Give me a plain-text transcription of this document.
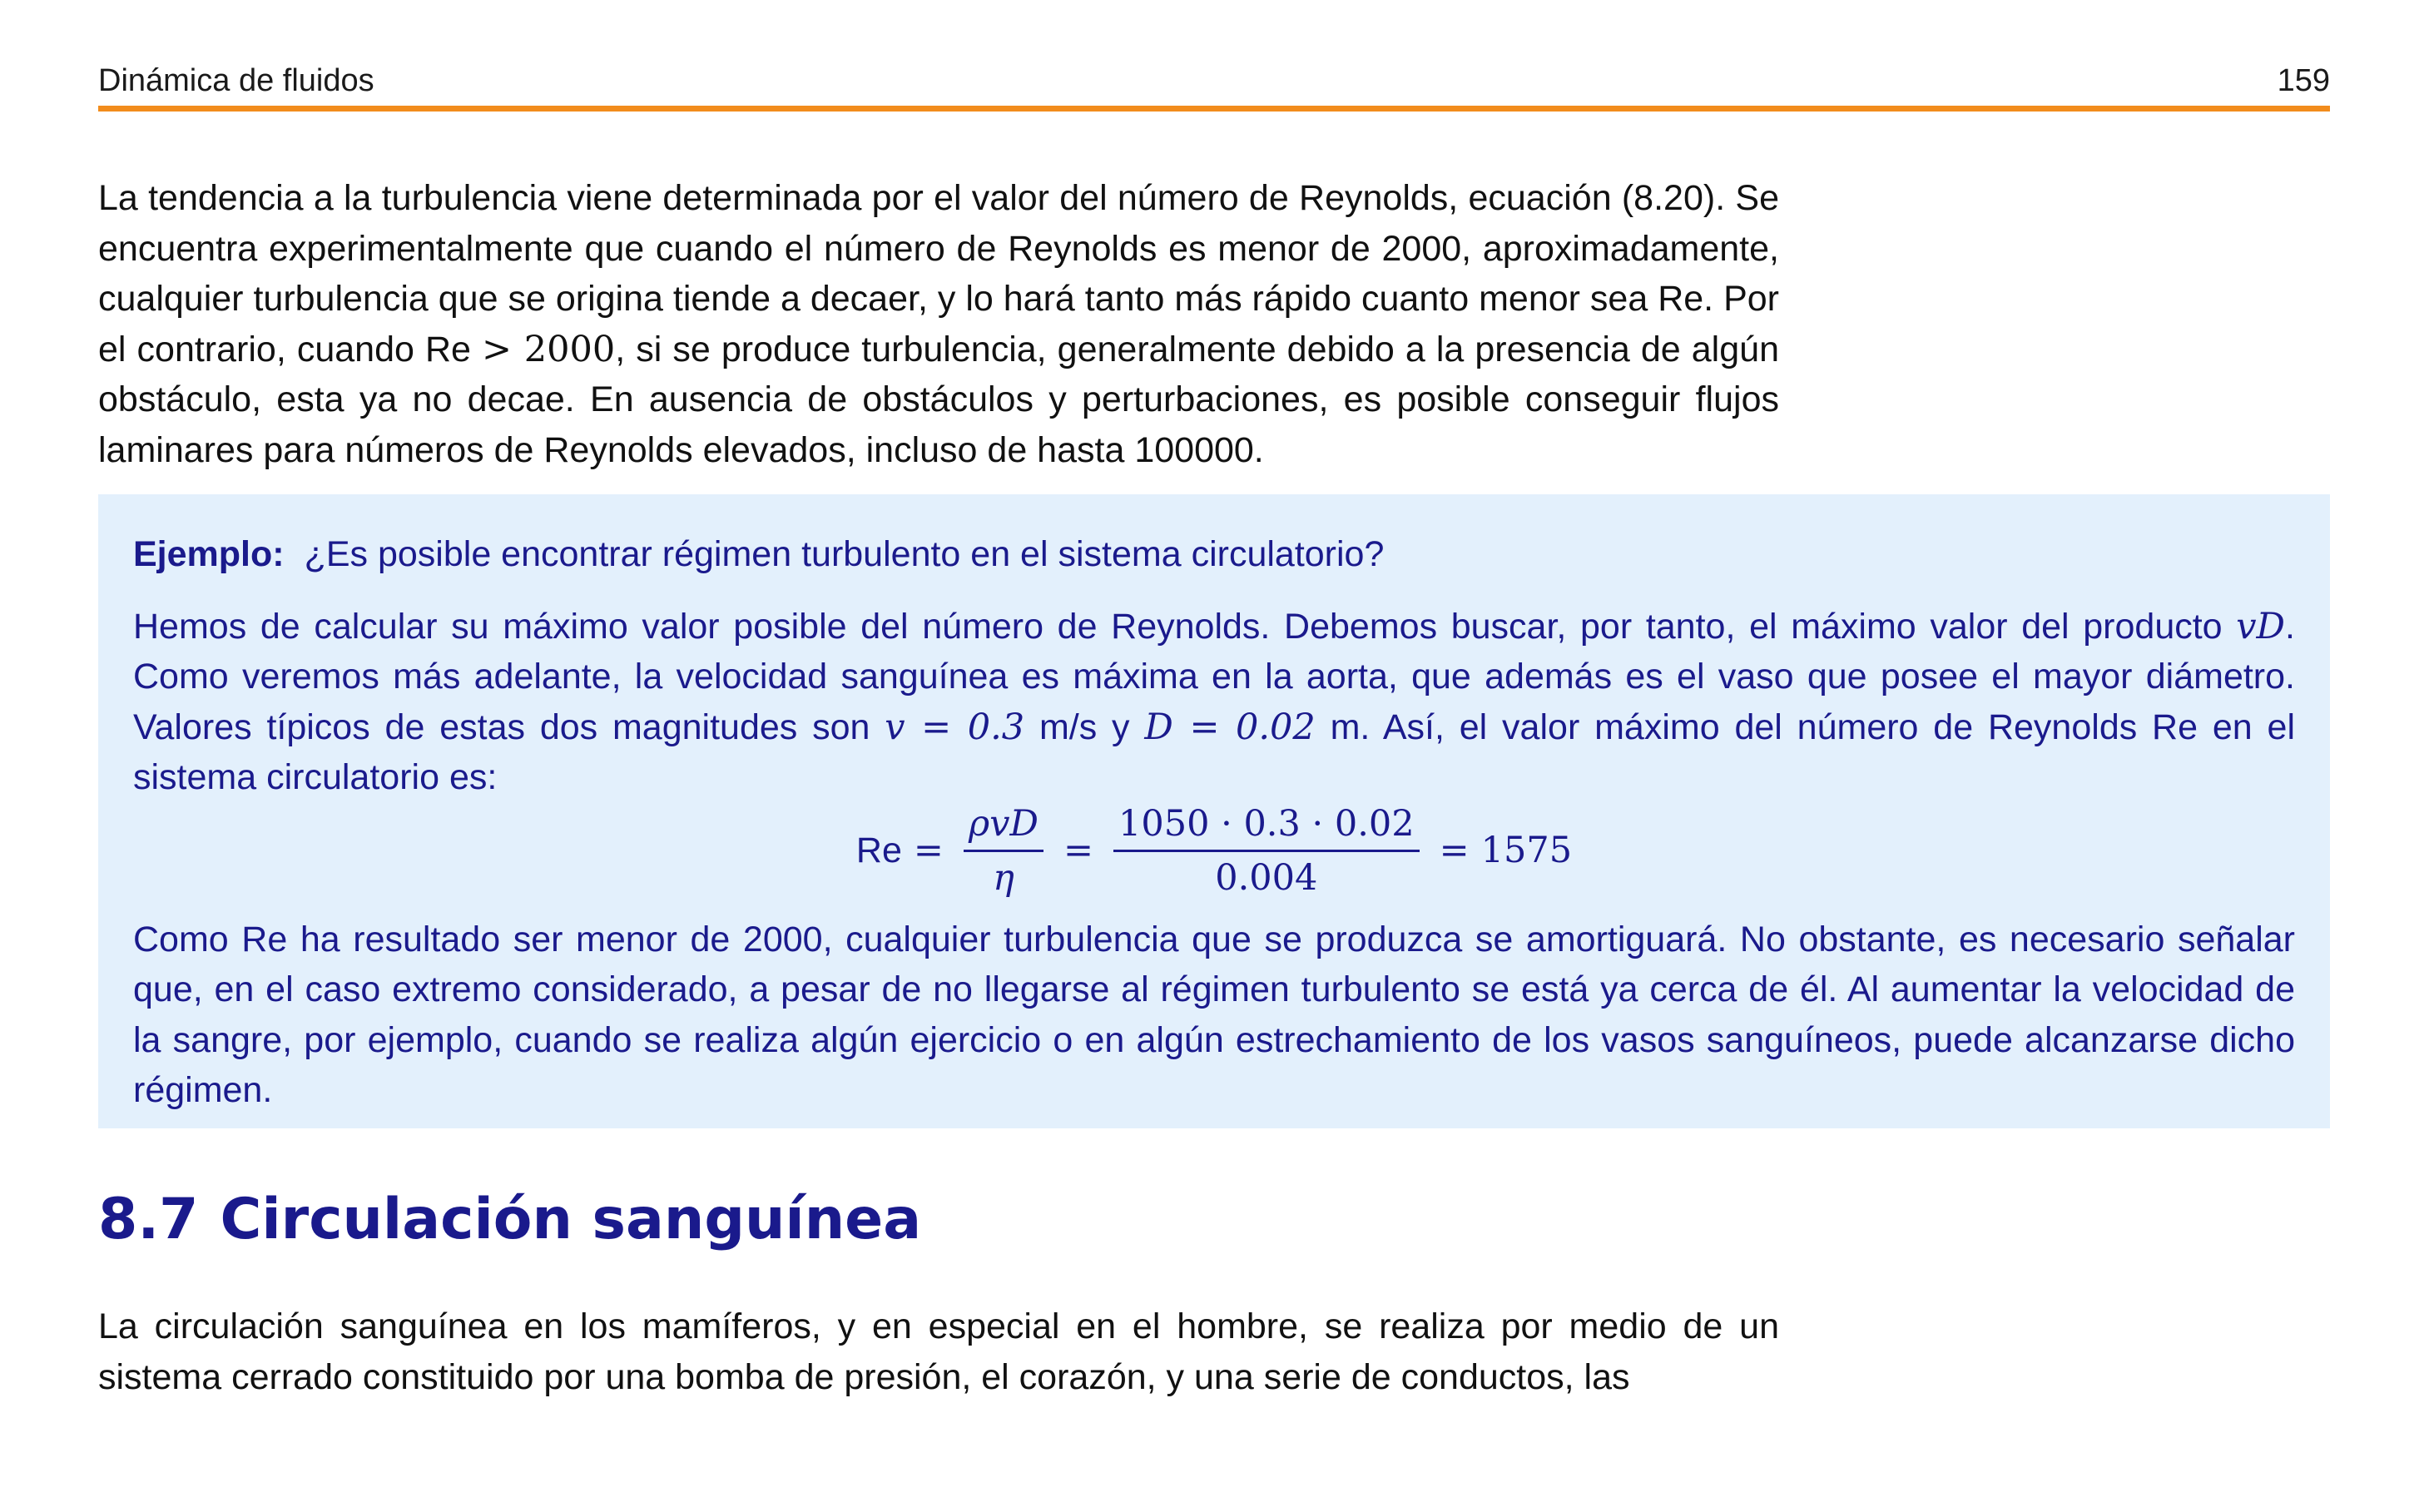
Dinámica de fluidos	159

La tendencia a la turbulencia viene determinada por el valor del número de Reynolds, ecuación (8.20). Se encuentra experimentalmente que cuando el número de Reynolds es menor de 2000, aproximadamente, cualquier turbulencia que se origina tiende a decaer, y lo hará tanto más rápido cuanto menor sea Re. Por el contrario, cuando Re > 2000, si se produce turbulencia, generalmente debido a la presencia de algún obstáculo, esta ya no decae. En ausencia de obstáculos y perturbaciones, es posible conseguir flujos laminares para números de Reynolds elevados, incluso de hasta 100000.

Ejemplo: ¿Es posible encontrar régimen turbulento en el sistema circulatorio?

Hemos de calcular su máximo valor posible del número de Reynolds. Debemos buscar, por tanto, el máximo valor del producto vD. Como veremos más adelante, la velocidad sanguínea es máxima en la aorta, que además es el vaso que posee el mayor diámetro. Valores típicos de estas dos magnitudes son v = 0.3 m/s y D = 0.02 m. Así, el valor máximo del número de Reynolds Re en el sistema circulatorio es:

$Re = \frac{\text{ρvD}}{\eta} = \frac{1050 \cdot 0.3 \cdot 0.02}{0.004} = 1575$

Como Re ha resultado ser menor de 2000, cualquier turbulencia que se produzca se amortiguará. No obstante, es necesario señalar que, en el caso extremo considerado, a pesar de no llegarse al régimen turbulento se está ya cerca de él. Al aumentar la velocidad de la sangre, por ejemplo, cuando se realiza algún ejercicio o en algún estrechamiento de los vasos sanguíneos, puede alcanzarse dicho régimen.

8.7 Circulación sanguínea

La circulación sanguínea en los mamíferos, y en especial en el hombre, se realiza por medio de un sistema cerrado constituido por una bomba de presión, el corazón, y una serie de conductos, las
